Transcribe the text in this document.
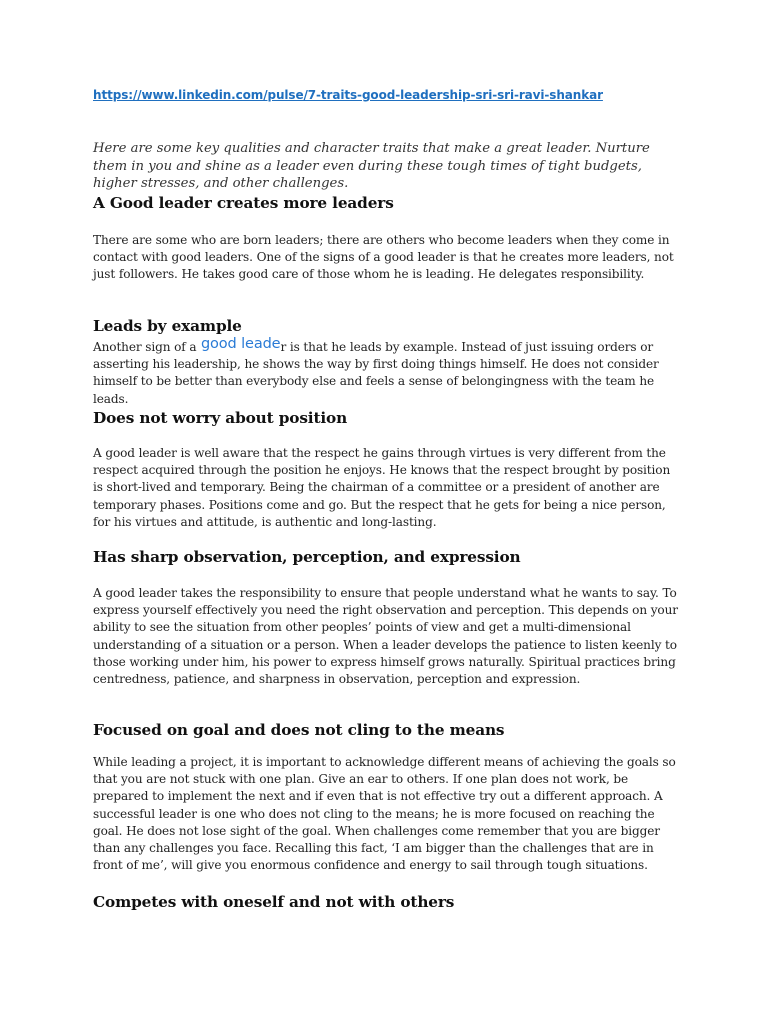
https://www.linkedin.com/pulse/7-traits-good-leadership-sri-sri-ravi-shankar

Here are some key qualities and character traits that make a great leader. Nurture them in you and shine as a leader even during these tough times of tight budgets, higher stresses, and other challenges.

A Good leader creates more leaders

There are some who are born leaders; there are others who become leaders when they come in contact with good leaders. One of the signs of a good leader is that he creates more leaders, not just followers. He takes good care of those whom he is leading. He delegates responsibility.

Leads by example

Another sign of a good leader is that he leads by example. Instead of just issuing orders or asserting his leadership, he shows the way by first doing things himself. He does not consider himself to be better than everybody else and feels a sense of belongingness with the team he leads.

Does not worry about position

A good leader is well aware that the respect he gains through virtues is very different from the respect acquired through the position he enjoys. He knows that the respect brought by position is short-lived and temporary. Being the chairman of a committee or a president of another are temporary phases. Positions come and go. But the respect that he gets for being a nice person, for his virtues and attitude, is authentic and long-lasting.

Has sharp observation, perception, and expression

A good leader takes the responsibility to ensure that people understand what he wants to say. To express yourself effectively you need the right observation and perception. This depends on your ability to see the situation from other peoples’ points of view and get a multi-dimensional understanding of a situation or a person. When a leader develops the patience to listen keenly to those working under him, his power to express himself grows naturally. Spiritual practices bring centredness, patience, and sharpness in observation, perception and expression.

Focused on goal and does not cling to the means

While leading a project, it is important to acknowledge different means of achieving the goals so that you are not stuck with one plan. Give an ear to others. If one plan does not work, be prepared to implement the next and if even that is not effective try out a different approach. A successful leader is one who does not cling to the means; he is more focused on reaching the goal. He does not lose sight of the goal. When challenges come remember that you are bigger than any challenges you face. Recalling this fact, ‘I am bigger than the challenges that are in front of me’, will give you enormous confidence and energy to sail through tough situations.

Competes with oneself and not with others
